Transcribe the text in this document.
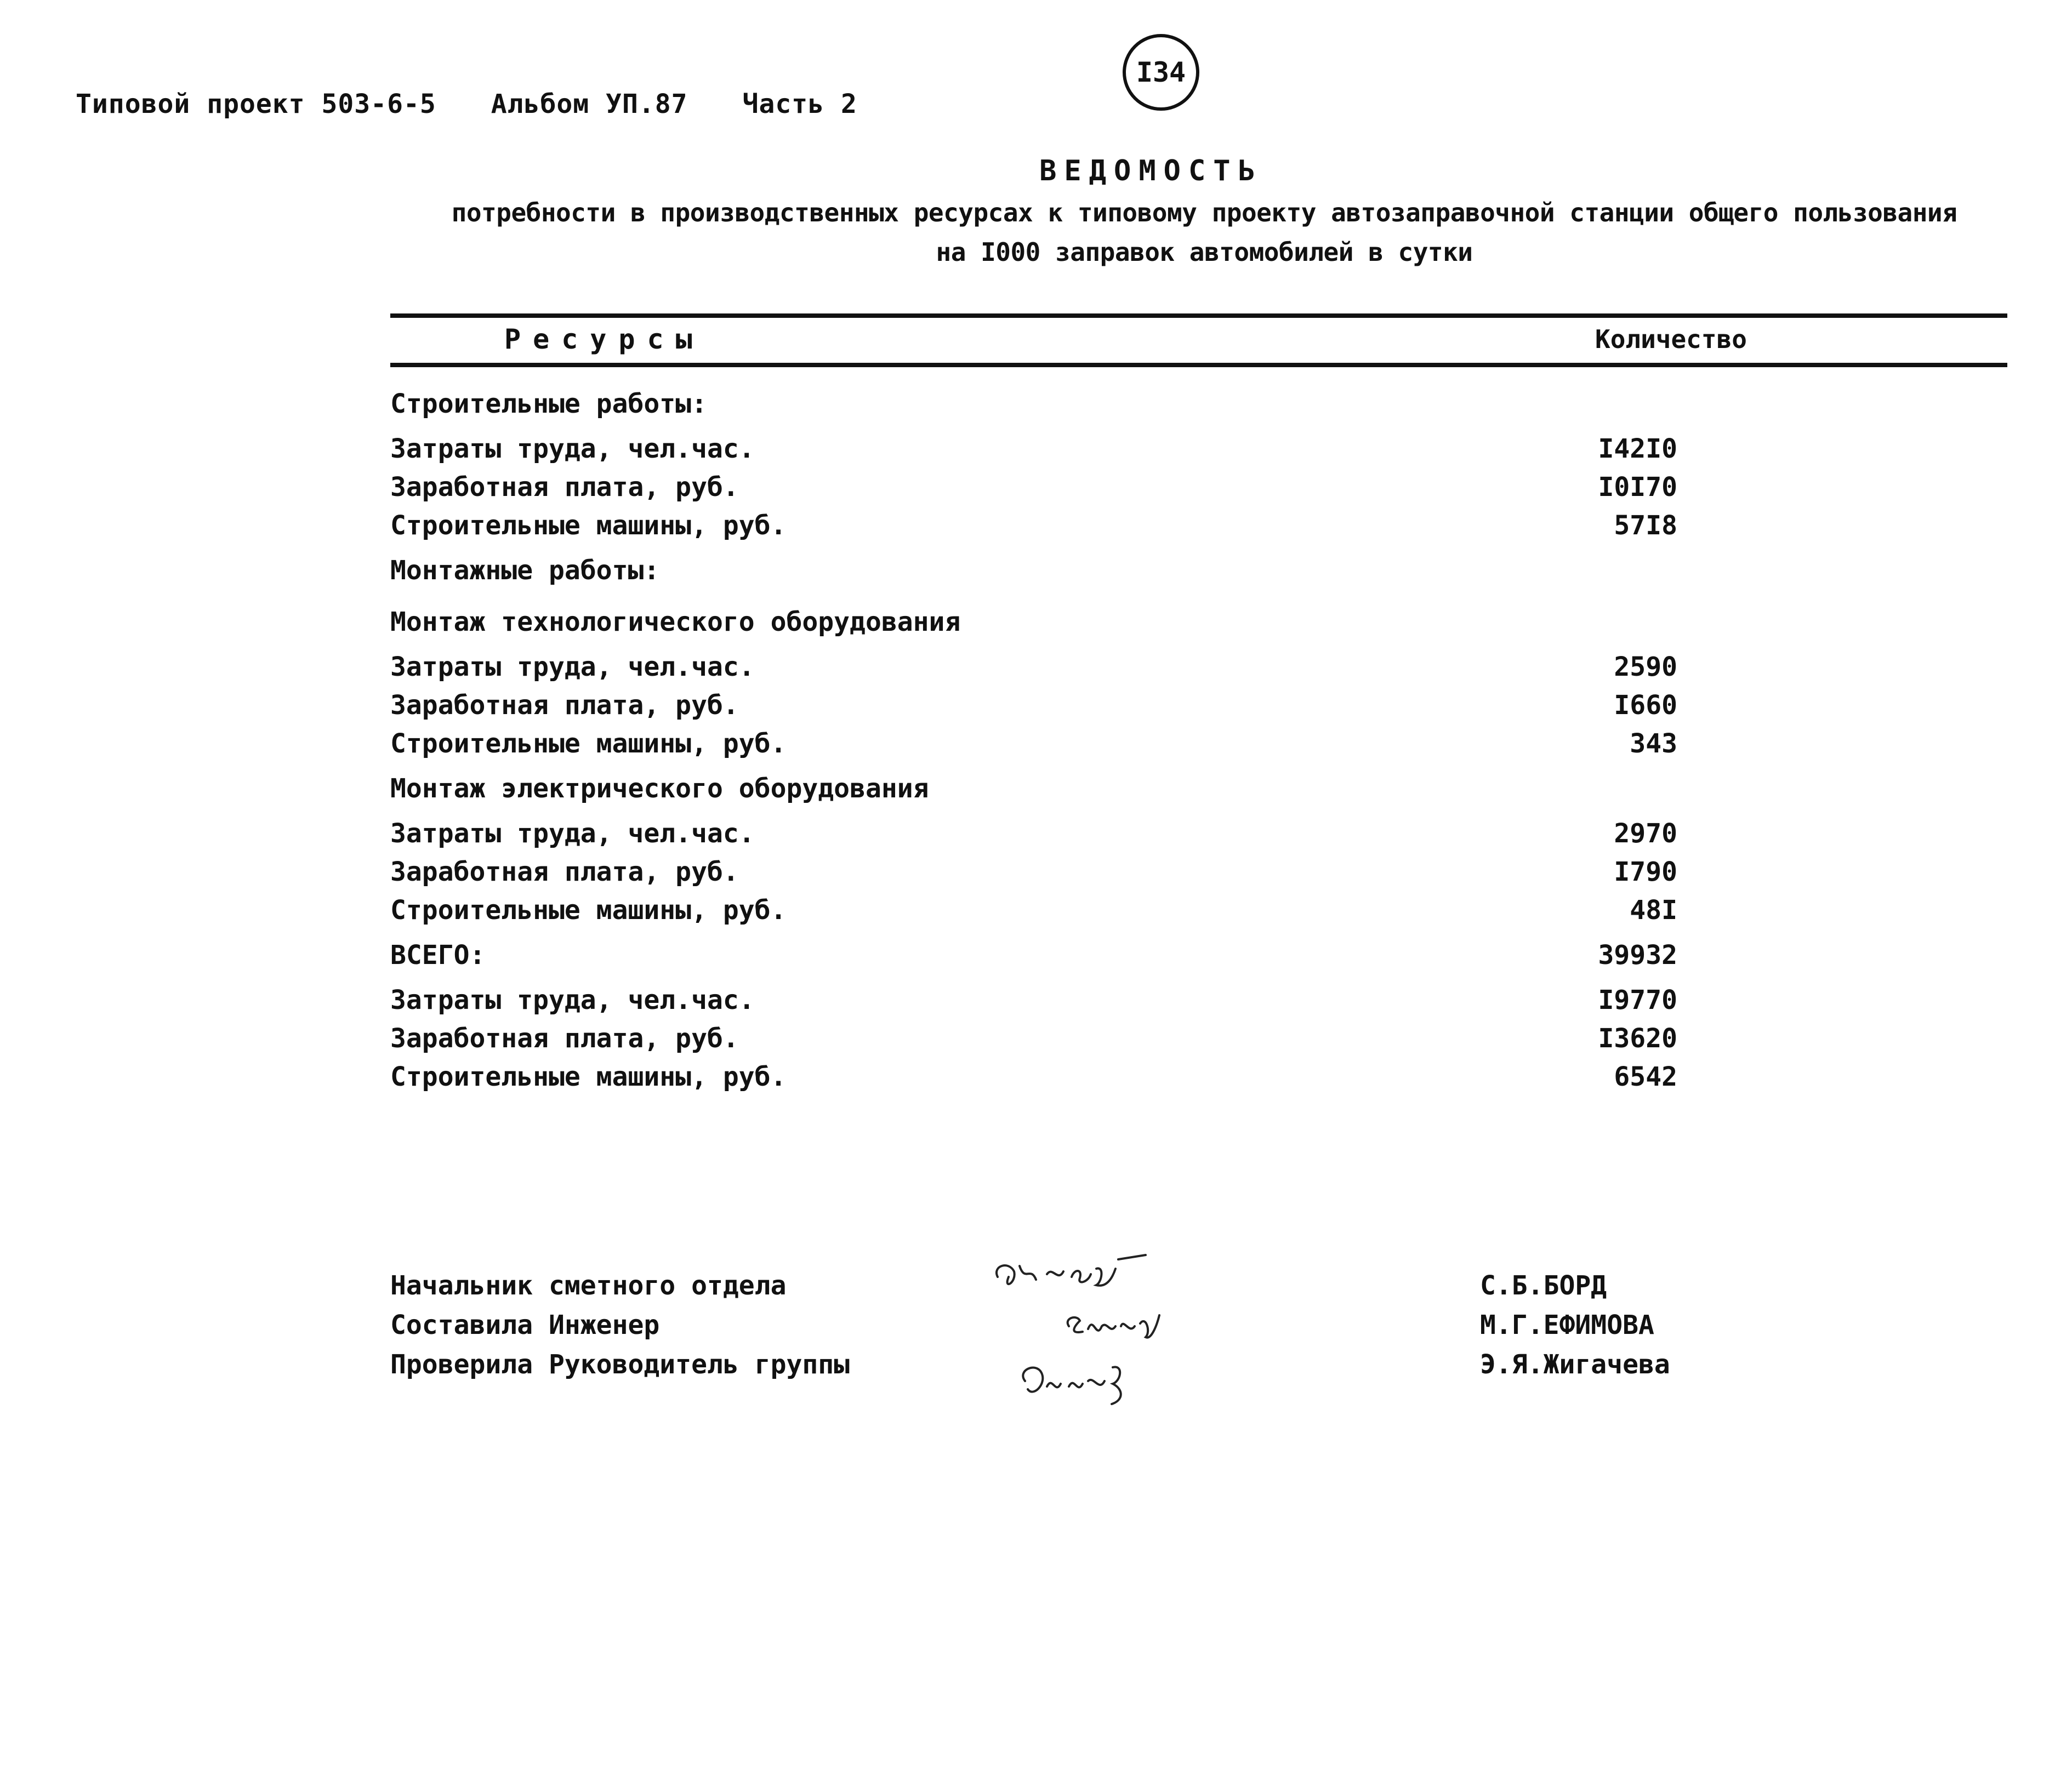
Типовой проект 503-6-5 Альбом УП.87 Часть 2
I34
ВЕДОМОСТЬ
потребности в производственных ресурсах к типовому проекту автозаправочной станции общего пользования
на I000 заправок автомобилей в сутки
Ресурсы	Количество
Строительные работы:
Затраты труда, чел.час.	I42I0
Заработная плата, руб.	I0I70
Строительные машины, руб.	57I8
Монтажные работы:
Монтаж технологического оборудования
Затраты труда, чел.час.	2590
Заработная плата, руб.	I660
Строительные машины, руб.	343
Монтаж электрического оборудования
Затраты труда, чел.час.	2970
Заработная плата, руб.	I790
Строительные машины, руб.	48I
ВСЕГО:	39932
Затраты труда, чел.час.	I9770
Заработная плата, руб.	I3620
Строительные машины, руб.	6542
Начальник сметного отдела	С.Б.БОРД
Составила Инженер	М.Г.ЕФИМОВА
Проверила Руководитель группы	Э.Я.Жигачева
